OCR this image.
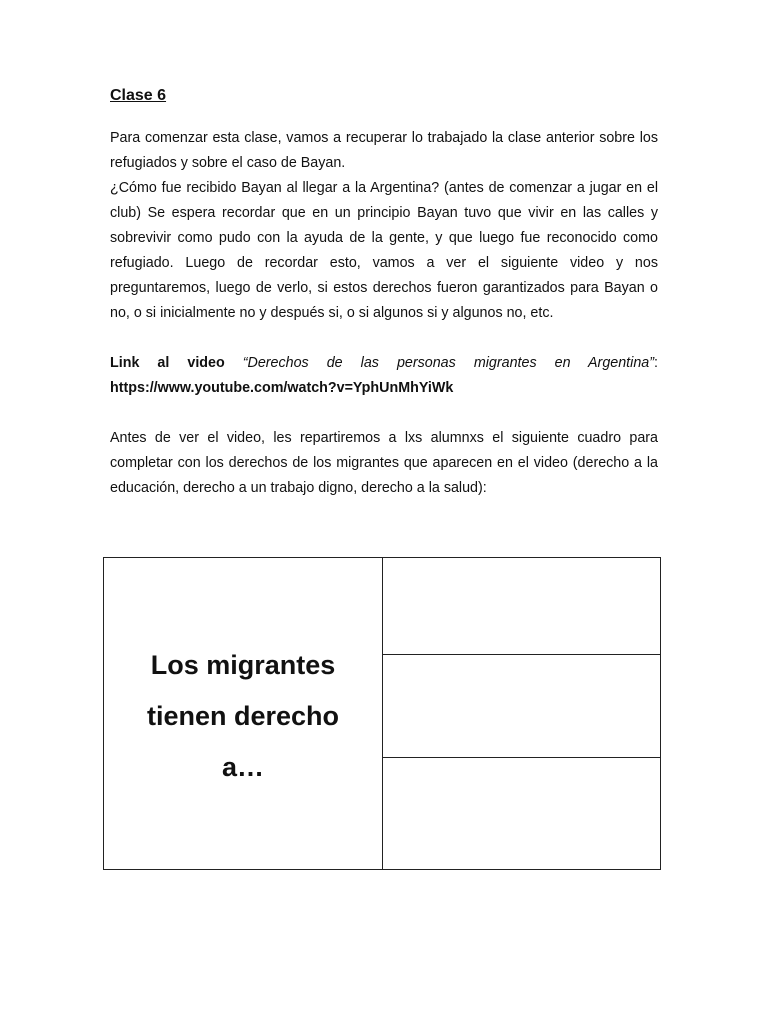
Clase 6

Para comenzar esta clase, vamos a recuperar lo trabajado la clase anterior sobre los refugiados y sobre el caso de Bayan.

¿Cómo fue recibido Bayan al llegar a la Argentina? (antes de comenzar a jugar en el club) Se espera recordar que en un principio Bayan tuvo que vivir en las calles y sobrevivir como pudo con la ayuda de la gente, y que luego fue reconocido como refugiado. Luego de recordar esto, vamos a ver el siguiente video y nos preguntaremos, luego de verlo, si estos derechos fueron garantizados para Bayan o no, o si inicialmente no y después si, o si algunos si y algunos no, etc.

Link al video “Derechos de las personas migrantes en Argentina”: https://www.youtube.com/watch?v=YphUnMhYiWk

Antes de ver el video, les repartiremos a lxs alumnxs el siguiente cuadro para completar con los derechos de los migrantes que aparecen en el video (derecho a la educación, derecho a un trabajo digno, derecho a la salud):

Los migrantes tienen derecho a…
